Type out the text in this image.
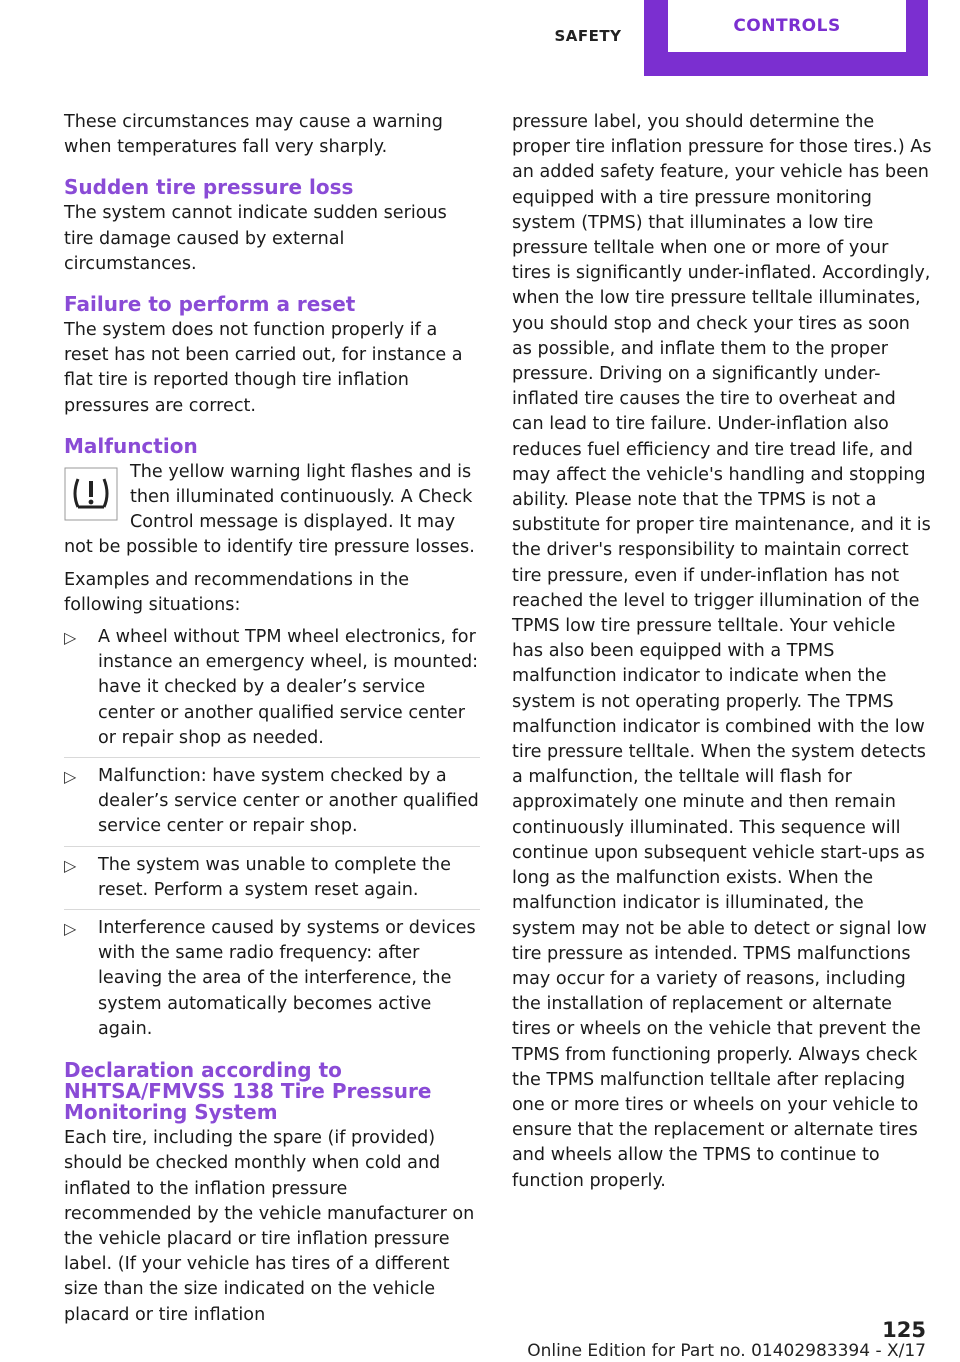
SAFETY	CONTROLS

These circumstances may cause a warning when temperatures fall very sharply.

Sudden tire pressure loss

The system cannot indicate sudden serious tire damage caused by external circumstances.

Failure to perform a reset

The system does not function properly if a reset has not been carried out, for instance a flat tire is reported though tire inflation pressures are correct.

Malfunction

The yellow warning light flashes and is
then illuminated continuously. A Check
Control message is displayed. It may
not be possible to identify tire pressure losses.

Examples and recommendations in the following situations:

▷ A wheel without TPM wheel electronics, for instance an emergency wheel, is mounted: have it checked by a dealer’s service center or another qualified service center or repair shop as needed.
▷ Malfunction: have system checked by a dealer’s service center or another qualified service center or repair shop.
▷ The system was unable to complete the reset. Perform a system reset again.
▷ Interference caused by systems or devices with the same radio frequency: after leaving the area of the interference, the system automatically becomes active again.
Declaration according to NHTSA/FMVSS 138 Tire Pressure Monitoring System

Each tire, including the spare (if provided) should be checked monthly when cold and inflated to the inflation pressure recommended by the vehicle manufacturer on the vehicle placard or tire inflation pressure label. (If your vehicle has tires of a different size than the size indicated on the vehicle placard or tire inflation

pressure label, you should determine the proper tire inflation pressure for those tires.) As an added safety feature, your vehicle has been equipped with a tire pressure monitoring system (TPMS) that illuminates a low tire pressure telltale when one or more of your tires is significantly under-inflated. Accordingly, when the low tire pressure telltale illuminates, you should stop and check your tires as soon as possible, and inflate them to the proper pressure. Driving on a significantly under-inflated tire causes the tire to overheat and can lead to tire failure. Under-inflation also reduces fuel efficiency and tire tread life, and may affect the vehicle's handling and stopping ability. Please note that the TPMS is not a substitute for proper tire maintenance, and it is the driver's responsibility to maintain correct tire pressure, even if under-inflation has not reached the level to trigger illumination of the TPMS low tire pressure telltale. Your vehicle has also been equipped with a TPMS malfunction indicator to indicate when the system is not operating properly. The TPMS malfunction indicator is combined with the low tire pressure telltale. When the system detects a malfunction, the telltale will flash for approximately one minute and then remain continuously illuminated. This sequence will continue upon subsequent vehicle start-ups as long as the malfunction exists. When the malfunction indicator is illuminated, the system may not be able to detect or signal low tire pressure as intended. TPMS malfunctions may occur for a variety of reasons, including the installation of replacement or alternate tires or wheels on the vehicle that prevent the TPMS from functioning properly. Always check the TPMS malfunction telltale after replacing one or more tires or wheels on your vehicle to ensure that the replacement or alternate tires and wheels allow the TPMS to continue to function properly.

125
Online Edition for Part no. 01402983394 - X/17
